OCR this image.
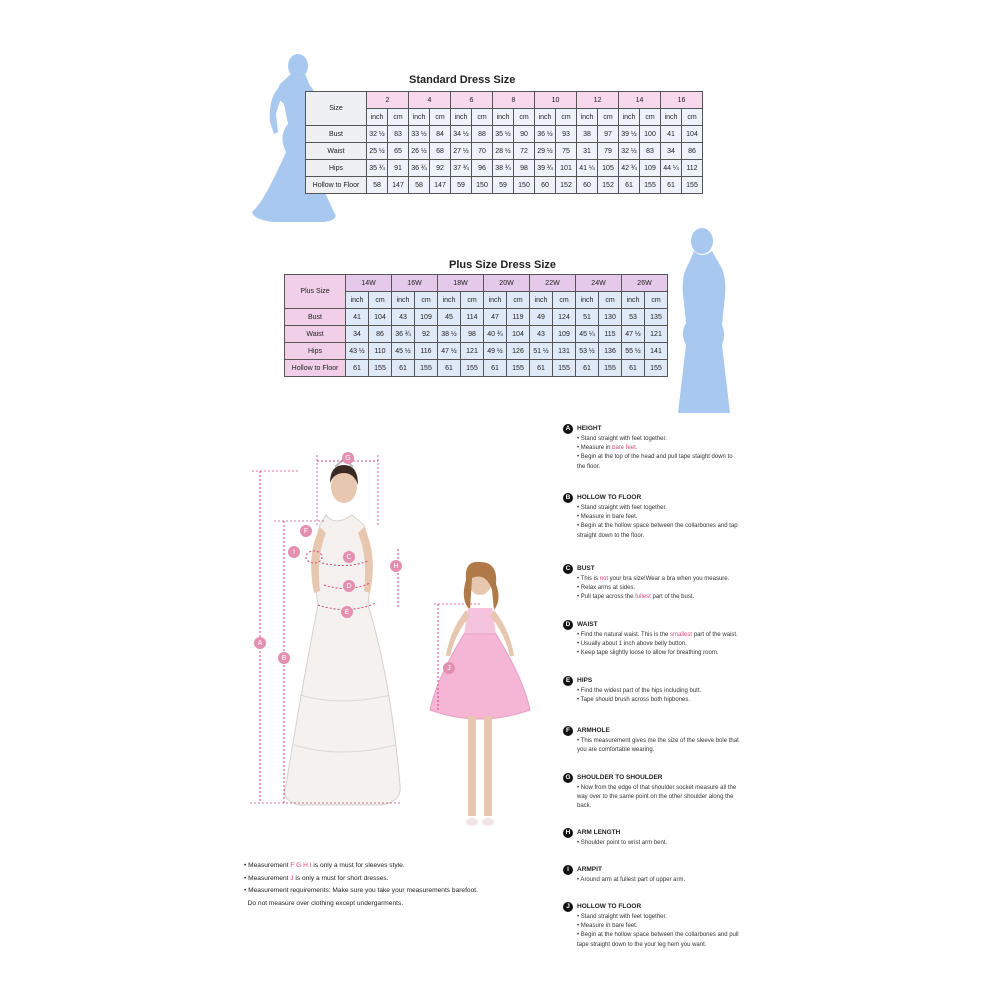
Standard Dress Size
Size	2		4		6		8		10		12		14		16	
	inch	cm	inch	cm	inch	cm	inch	cm	inch	cm	inch	cm	inch	cm	inch	cm
Bust	32 ½	83	33 ½	84	34 ½	88	35 ½	90	36 ½	93	38	97	39 ½	100	41	104
Waist	25 ½	65	26 ½	68	27 ½	70	28 ½	72	29 ½	75	31	79	32 ½	83	34	86
Hips	35 ¾	91	36 ¾	92	37 ¾	96	38 ¾	98	39 ¾	101	41 ¼	105	42 ¾	109	44 ¼	112
Hollow to Floor	58	147	58	147	59	150	59	150	60	152	60	152	61	155	61	155
Plus Size Dress Size
Plus Size	14W		16W		18W		20W		22W		24W		26W	
	inch	cm	inch	cm	inch	cm	inch	cm	inch	cm	inch	cm	inch	cm
Bust	41	104	43	109	45	114	47	119	49	124	51	130	53	135
Waist	34	86	36 ¾	92	38 ½	98	40 ¾	104	43	109	45 ¼	115	47 ½	121
Hips	43 ½	110	45 ½	116	47 ½	121	49 ½	126	51 ½	131	53 ½	136	55 ½	141
Hollow to Floor	61	155	61	155	61	155	61	155	61	155	61	155	61	155
A
B
F
I
C
D
E
G
H
J
A	HEIGHT
• Stand straight with feet together.
• Measure in bare feet.
• Begin at the top of the head and pull tape staight down to
the floor.
B	HOLLOW TO FLOOR
• Stand straight with feet together.
• Measure in bare feet.
• Begin at the hollow space between the collarbones and tap
straight down to the floor.
C	BUST
• This is not your bra size!Wear a bra when you measure.
• Relax arms at sides.
• Pull tape across the fullest part of the bust.
D	WAIST
• Find the natural waist. This is the smallest part of the waist.
• Usually about 1 inch above belly button.
• Keep tape slightly loose to allow for breathing room.
E	HIPS
• Find the widest part of the hips including butt.
• Tape should brush across both hipbones.
F	ARMHOLE
• This measurement gives me the size of the sleeve bole that
you are comfortable wearing.
G SHOULDER TO SHOULDER
• Now from the edge of that shoulder socket measure all the
way over to the same point on the other shoulder along the
back.
H	ARM LENGTH
• Shoulder point to wrist arm bent.
I	ARMPIT
• Around arm at fullest part of upper arm.
J	HOLLOW TO FLOOR
• Stand straight with feet together.
• Measure in bare feet.
• Begin at the hollow space between the collarbones and pull
tape straight down to the your leg hem you want.
• Measurement F G H I is only a must for sleeves style.
• Measurement J is only a must for short dresses.
• Measurement requirements: Make sure you take your measurements barefoot.
Do not measure over clothing except undergarments.
